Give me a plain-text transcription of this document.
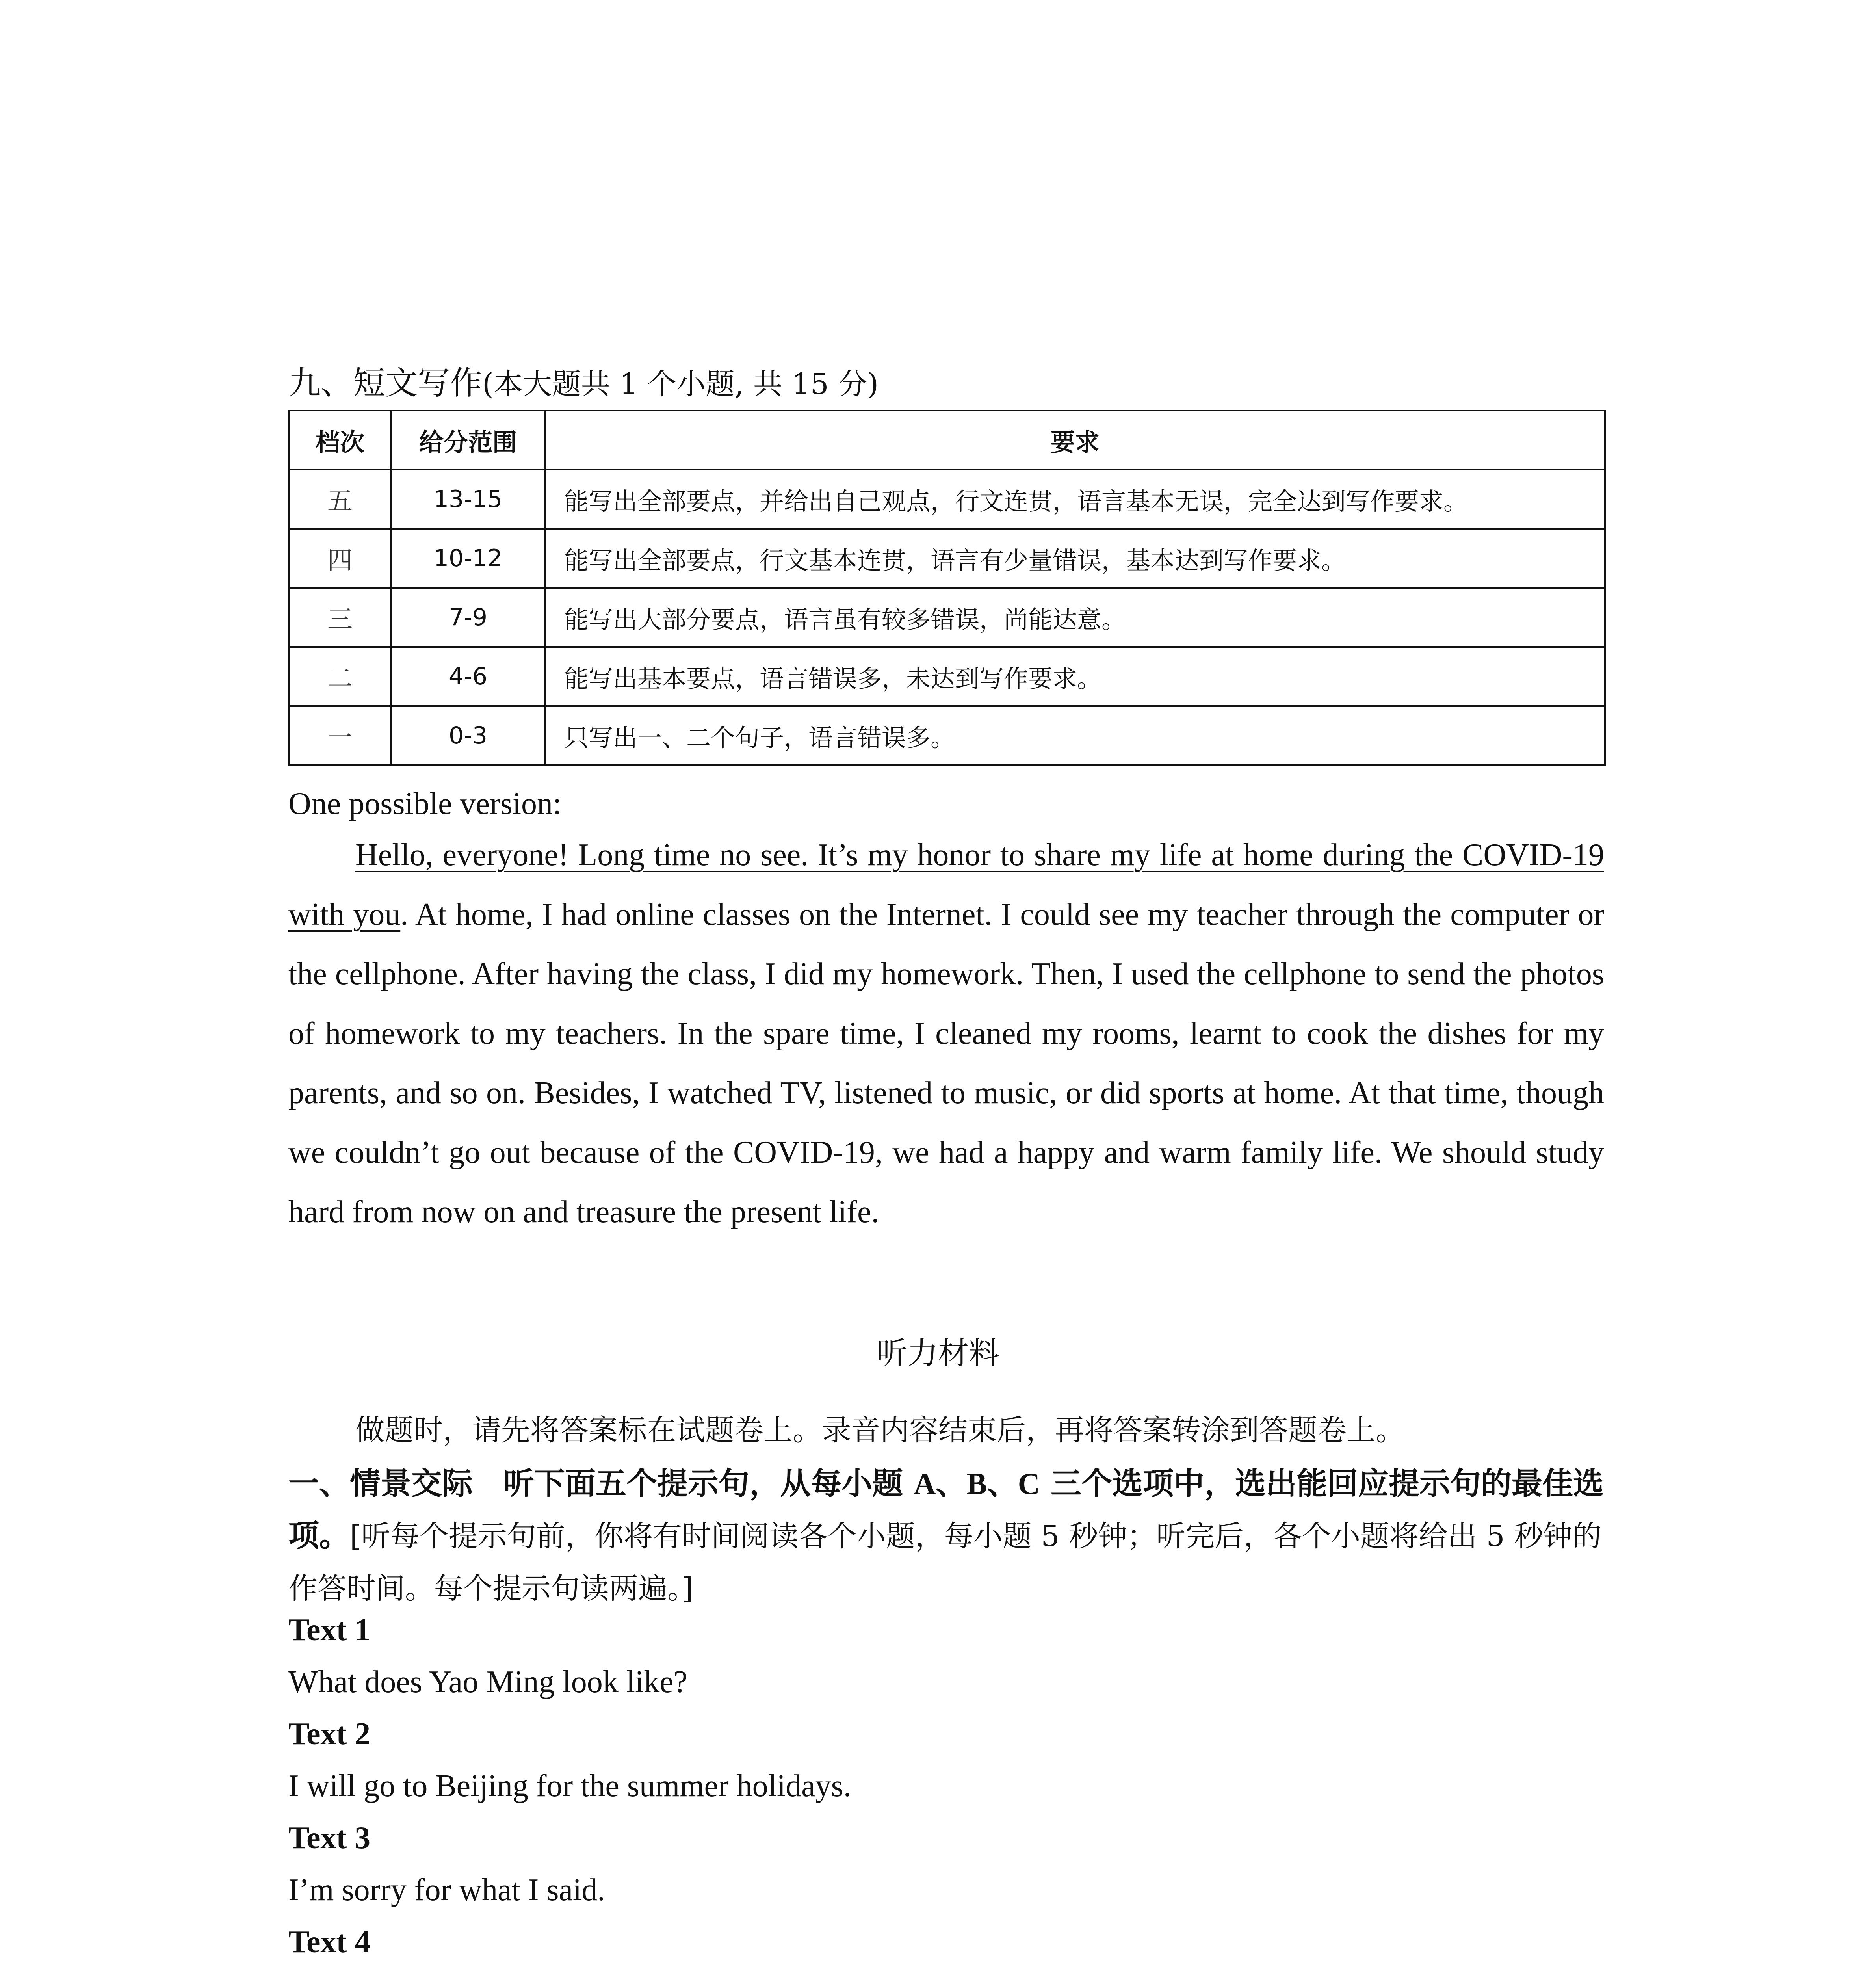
九、短文写作(本大题共 1 个小题, 共 15 分)
档次	给分范围	要求
五	13-15	能写出全部要点，并给出自己观点，行文连贯，语言基本无误，完全达到写作要求。
四	10-12	能写出全部要点，行文基本连贯，语言有少量错误，基本达到写作要求。
三	7-9	能写出大部分要点，语言虽有较多错误，尚能达意。
二	4-6	能写出基本要点，语言错误多，未达到写作要求。
一	0-3	只写出一、二个句子，语言错误多。
One possible version:

Hello, everyone! Long time no see. It’s my honor to share my life at home during the COVID-19 with you. At home, I had online classes on the Internet. I could see my teacher through the computer or the cellphone. After having the class, I did my homework. Then, I used the cellphone to send the photos of homework to my teachers. In the spare time, I cleaned my rooms, learnt to cook the dishes for my parents, and so on. Besides, I watched TV, listened to music, or did sports at home. At that time, though we couldn’t go out because of the COVID-19, we had a happy and warm family life. We should study hard from now on and treasure the present life.

听力材料
做题时，请先将答案标在试题卷上。录音内容结束后，再将答案转涂到答题卷上。

一、情景交际　听下面五个提示句，从每小题 A、B、C 三个选项中，选出能回应提示句的最佳选项。[听每个提示句前，你将有时间阅读各个小题，每小题 5 秒钟；听完后，各个小题将给出 5 秒钟的作答时间。每个提示句读两遍。]

Text 1
What does Yao Ming look like?
Text 2
I will go to Beijing for the summer holidays.
Text 3
I’m sorry for what I said.
Text 4
